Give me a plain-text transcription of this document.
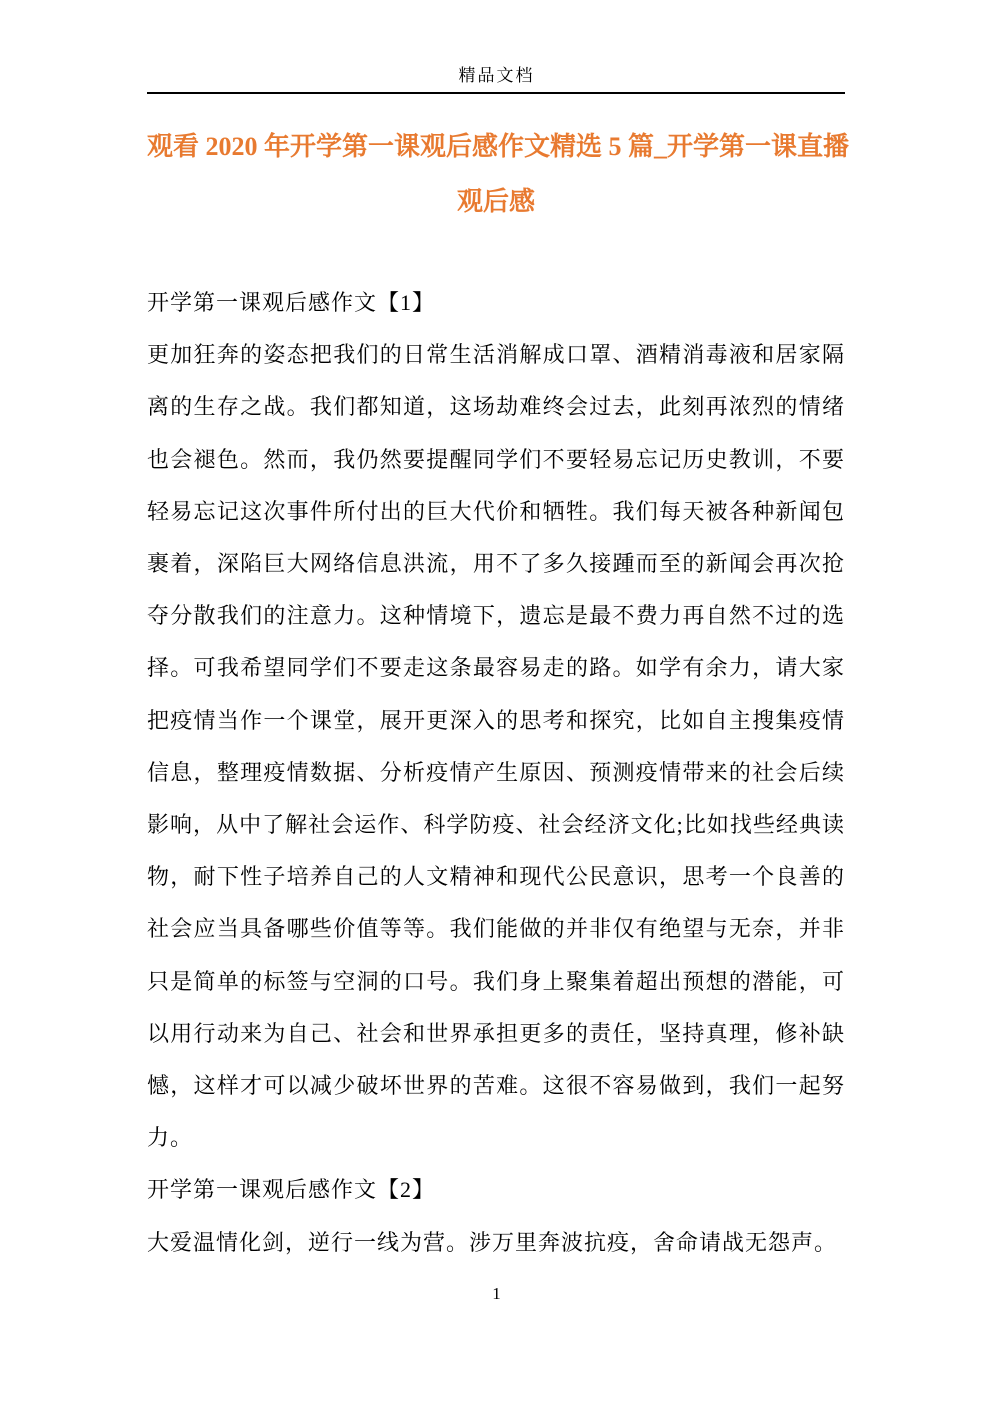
精品文档
观看 2020 年开学第一课观后感作文精选 5 篇_开学第一课直播
观后感

开学第一课观后感作文【1】

更加狂奔的姿态把我们的日常生活消解成口罩、酒精消毒液和居家隔离的生存之战。我们都知道，这场劫难终会过去，此刻再浓烈的情绪也会褪色。然而，我仍然要提醒同学们不要轻易忘记历史教训，不要轻易忘记这次事件所付出的巨大代价和牺牲。我们每天被各种新闻包裹着，深陷巨大网络信息洪流，用不了多久接踵而至的新闻会再次抢夺分散我们的注意力。这种情境下，遗忘是最不费力再自然不过的选择。可我希望同学们不要走这条最容易走的路。如学有余力，请大家把疫情当作一个课堂，展开更深入的思考和探究，比如自主搜集疫情信息，整理疫情数据、分析疫情产生原因、预测疫情带来的社会后续影响，从中了解社会运作、科学防疫、社会经济文化;比如找些经典读物，耐下性子培养自己的人文精神和现代公民意识，思考一个良善的社会应当具备哪些价值等等。我们能做的并非仅有绝望与无奈，并非只是简单的标签与空洞的口号。我们身上聚集着超出预想的潜能，可以用行动来为自己、社会和世界承担更多的责任，坚持真理，修补缺憾，这样才可以减少破坏世界的苦难。这很不容易做到，我们一起努力。

开学第一课观后感作文【2】

大爱温情化剑，逆行一线为营。涉万里奔波抗疫，舍命请战无怨声。

1
